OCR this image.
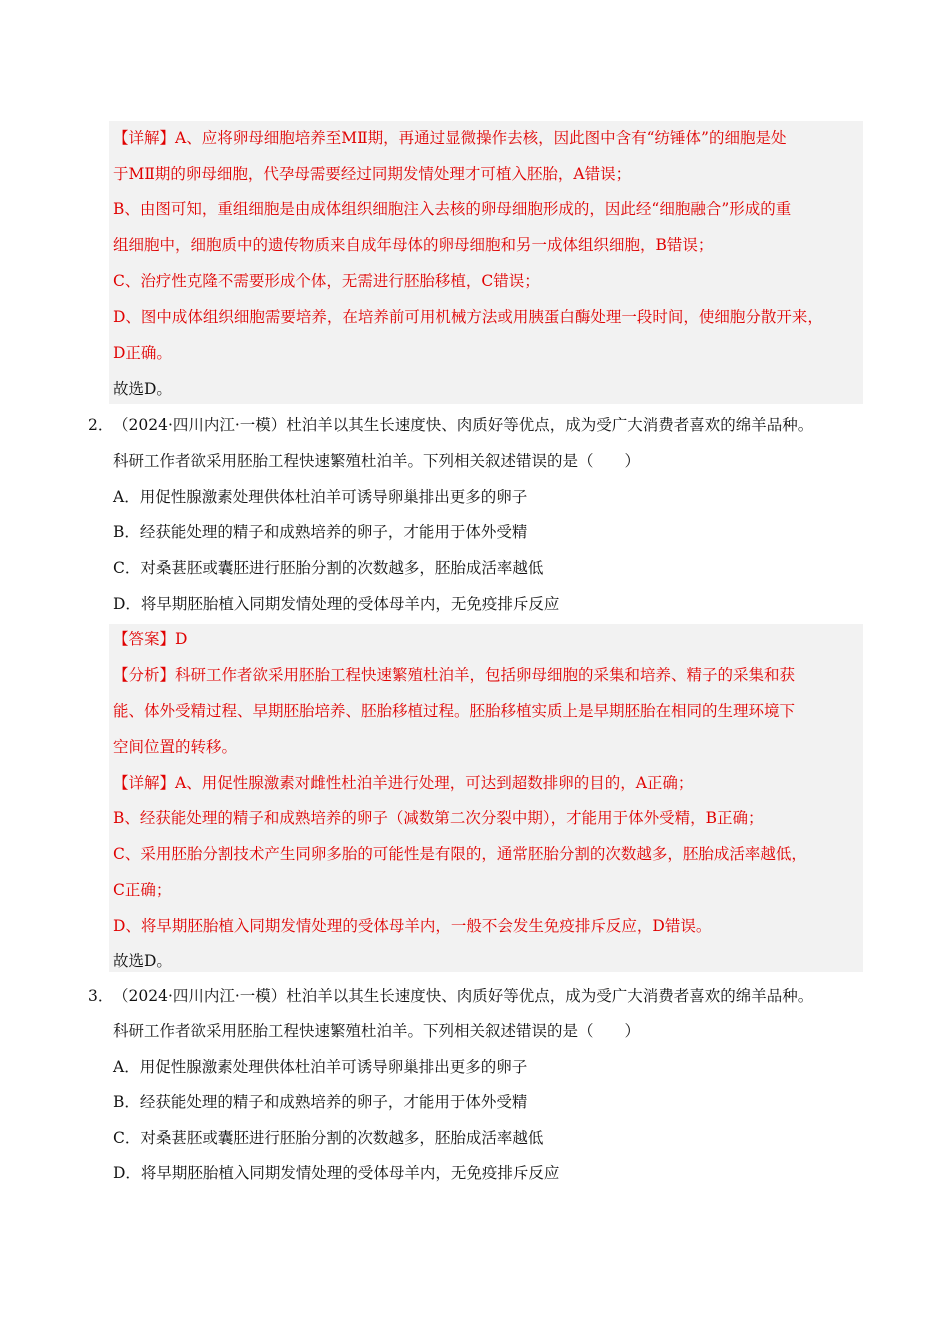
【详解】A、应将卵母细胞培养至MⅡ期，再通过显微操作去核，因此图中含有“纺锤体”的细胞是处
于MⅡ期的卵母细胞，代孕母需要经过同期发情处理才可植入胚胎，A错误；
B、由图可知，重组细胞是由成体组织细胞注入去核的卵母细胞形成的，因此经“细胞融合”形成的重
组细胞中，细胞质中的遗传物质来自成年母体的卵母细胞和另一成体组织细胞，B错误；
C、治疗性克隆不需要形成个体，无需进行胚胎移植，C错误；
D、图中成体组织细胞需要培养，在培养前可用机械方法或用胰蛋白酶处理一段时间，使细胞分散开来，
D正确。
故选D。
2． （2024·四川内江·一模）杜泊羊以其生长速度快、肉质好等优点，成为受广大消费者喜欢的绵羊品种。
科研工作者欲采用胚胎工程快速繁殖杜泊羊。下列相关叙述错误的是（　　）
A．用促性腺激素处理供体杜泊羊可诱导卵巢排出更多的卵子
B．经获能处理的精子和成熟培养的卵子，才能用于体外受精
C．对桑葚胚或囊胚进行胚胎分割的次数越多，胚胎成活率越低
D．将早期胚胎植入同期发情处理的受体母羊内，无免疫排斥反应
【答案】D
【分析】科研工作者欲采用胚胎工程快速繁殖杜泊羊，包括卵母细胞的采集和培养、精子的采集和获
能、体外受精过程、早期胚胎培养、胚胎移植过程。胚胎移植实质上是早期胚胎在相同的生理环境下
空间位置的转移。
【详解】A、用促性腺激素对雌性杜泊羊进行处理，可达到超数排卵的目的，A正确；
B、经获能处理的精子和成熟培养的卵子（减数第二次分裂中期），才能用于体外受精，B正确；
C、采用胚胎分割技术产生同卵多胎的可能性是有限的，通常胚胎分割的次数越多，胚胎成活率越低，
C正确；
D、将早期胚胎植入同期发情处理的受体母羊内，一般不会发生免疫排斥反应，D错误。
故选D。
3． （2024·四川内江·一模）杜泊羊以其生长速度快、肉质好等优点，成为受广大消费者喜欢的绵羊品种。
科研工作者欲采用胚胎工程快速繁殖杜泊羊。下列相关叙述错误的是（　　）
A．用促性腺激素处理供体杜泊羊可诱导卵巢排出更多的卵子
B．经获能处理的精子和成熟培养的卵子，才能用于体外受精
C．对桑葚胚或囊胚进行胚胎分割的次数越多，胚胎成活率越低
D．将早期胚胎植入同期发情处理的受体母羊内，无免疫排斥反应
